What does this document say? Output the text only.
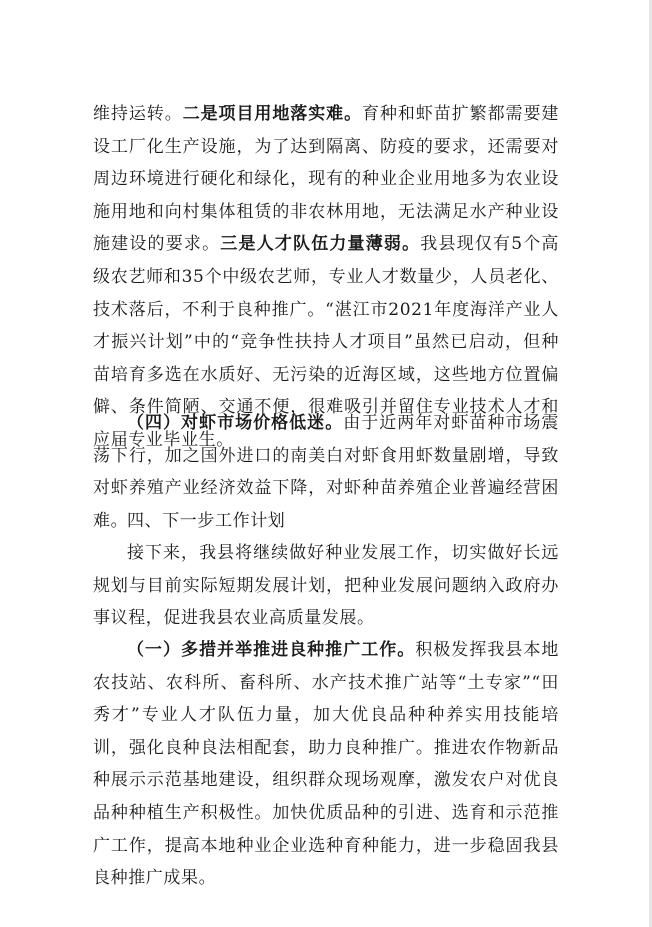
维持运转。二是项目用地落实难。育种和虾苗扩繁都需要建设工厂化生产设施，为了达到隔离、防疫的要求，还需要对周边环境进行硬化和绿化，现有的种业企业用地多为农业设施用地和向村集体租赁的非农林用地，无法满足水产种业设施建设的要求。三是人才队伍力量薄弱。我县现仅有5个高级农艺师和35个中级农艺师，专业人才数量少，人员老化、技术落后，不利于良种推广。“湛江市2021年度海洋产业人才振兴计划”中的“竞争性扶持人才项目”虽然已启动，但种苗培育多选在水质好、无污染的近海区域，这些地方位置偏僻、条件简陋、交通不便，很难吸引并留住专业技术人才和应届专业毕业生。

（四）对虾市场价格低迷。由于近两年对虾苗种市场震荡下行，加之国外进口的南美白对虾食用虾数量剧增，导致对虾养殖产业经济效益下降，对虾种苗养殖企业普遍经营困难。

四、下一步工作计划

接下来，我县将继续做好种业发展工作，切实做好长远规划与目前实际短期发展计划，把种业发展问题纳入政府办事议程，促进我县农业高质量发展。

（一）多措并举推进良种推广工作。积极发挥我县本地农技站、农科所、畜科所、水产技术推广站等“土专家”“田秀才”专业人才队伍力量，加大优良品种种养实用技能培训，强化良种良法相配套，助力良种推广。推进农作物新品种展示示范基地建设，组织群众现场观摩，激发农户对优良品种种植生产积极性。加快优质品种的引进、选育和示范推广工作，提高本地种业企业选种育种能力，进一步稳固我县良种推广成果。
